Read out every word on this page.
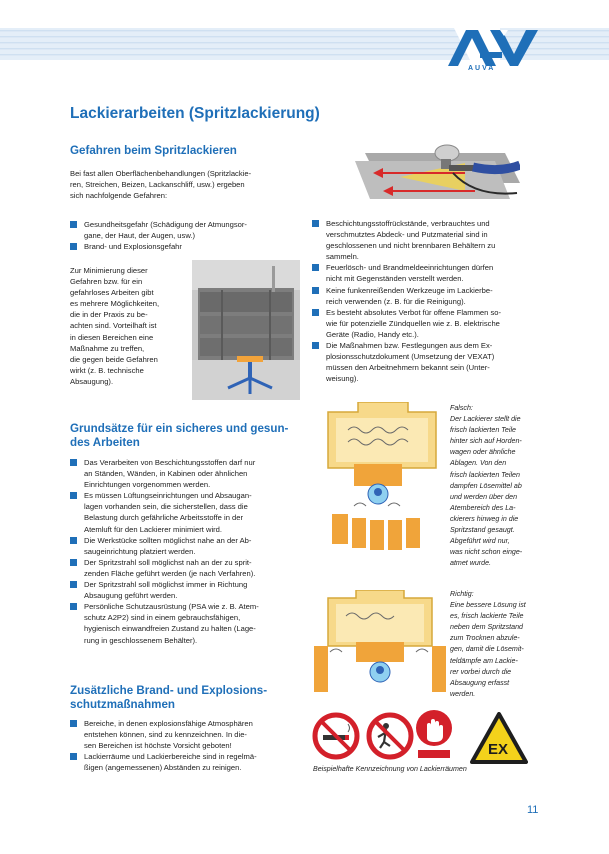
AUVA
Lackierarbeiten (Spritzlackierung)
Gefahren beim Spritzlackieren
Bei fast allen Oberflächenbehandlungen (Spritzlackie-
ren, Streichen, Beizen, Lackanschliff, usw.) ergeben
sich nachfolgende Gefahren:
Gesundheitsgefahr (Schädigung der Atmungsor-
gane, der Haut, der Augen, usw.)
Brand- und Explosionsgefahr
Zur Minimierung dieser
Gefahren bzw. für ein
gefahrloses Arbeiten gibt
es mehrere Möglichkeiten,
die in der Praxis zu be-
achten sind. Vorteilhaft ist
in diesen Bereichen eine
Maßnahme zu treffen,
die gegen beide Gefahren
wirkt (z. B. technische
Absaugung).
Beschichtungsstoffrückstände, verbrauchtes und
verschmutztes Abdeck- und Putzmaterial sind in
geschlossenen und nicht brennbaren Behältern zu
sammeln.
Feuerlösch- und Brandmeldeeinrichtungen dürfen
nicht mit Gegenständen verstellt werden.
Keine funkenreißenden Werkzeuge im Lackierbe-
reich verwenden (z. B. für die Reinigung).
Es besteht absolutes Verbot für offene Flammen so-
wie für potenzielle Zündquellen wie z. B. elektrische
Geräte (Radio, Handy etc.).
Die Maßnahmen bzw. Festlegungen aus dem Ex-
plosionsschutzdokument (Umsetzung der VEXAT)
müssen den Arbeitnehmern bekannt sein (Unter-
weisung).
Grundsätze für ein sicheres und gesun-
des Arbeiten
Das Verarbeiten von Beschichtungsstoffen darf nur
an Ständen, Wänden, in Kabinen oder ähnlichen
Einrichtungen vorgenommen werden.
Es müssen Lüftungseinrichtungen und Absaugan-
lagen vorhanden sein, die sicherstellen, dass die
Belastung durch gefährliche Arbeitsstoffe in der
Atemluft für den Lackierer minimiert wird.
Die Werkstücke sollten möglichst nahe an der Ab-
saugeinrichtung platziert werden.
Der Spritzstrahl soll möglichst nah an der zu sprit-
zenden Fläche geführt werden (je nach Verfahren).
Der Spritzstrahl soll möglichst immer in Richtung
Absaugung geführt werden.
Persönliche Schutzausrüstung (PSA wie z. B. Atem-
schutz A2P2) sind in einem gebrauchsfähigen,
hygienisch einwandfreien Zustand zu halten (Lage-
rung in geschlossenem Behälter).
Zusätzliche Brand- und Explosions-
schutzmaßnahmen
Bereiche, in denen explosionsfähige Atmosphären
entstehen können, sind zu kennzeichnen. In die-
sen Bereichen ist höchste Vorsicht geboten!
Lackierräume und Lackierbereiche sind in regelmä-
ßigen (angemessenen) Abständen zu reinigen.
Falsch:
Der Lackierer stellt die
frisch lackierten Teile
hinter sich auf Horden-
wagen oder ähnliche
Ablagen. Von den
frisch lackierten Teilen
dampfen Lösemittel ab
und werden über den
Atembereich des La-
ckierers hinweg in die
Spritzstand gesaugt.
Abgeführt wird nur,
was nicht schon einge-
atmet wurde.
Richtig:
Eine bessere Lösung ist
es, frisch lackierte Teile
neben dem Spritzstand
zum Trocknen abzule-
gen, damit die Lösemit-
teldämpfe am Lackie-
rer vorbei durch die
Absaugung erfasst
werden.
EX
Beispielhafte Kennzeichnung von Lackierräumen
11
